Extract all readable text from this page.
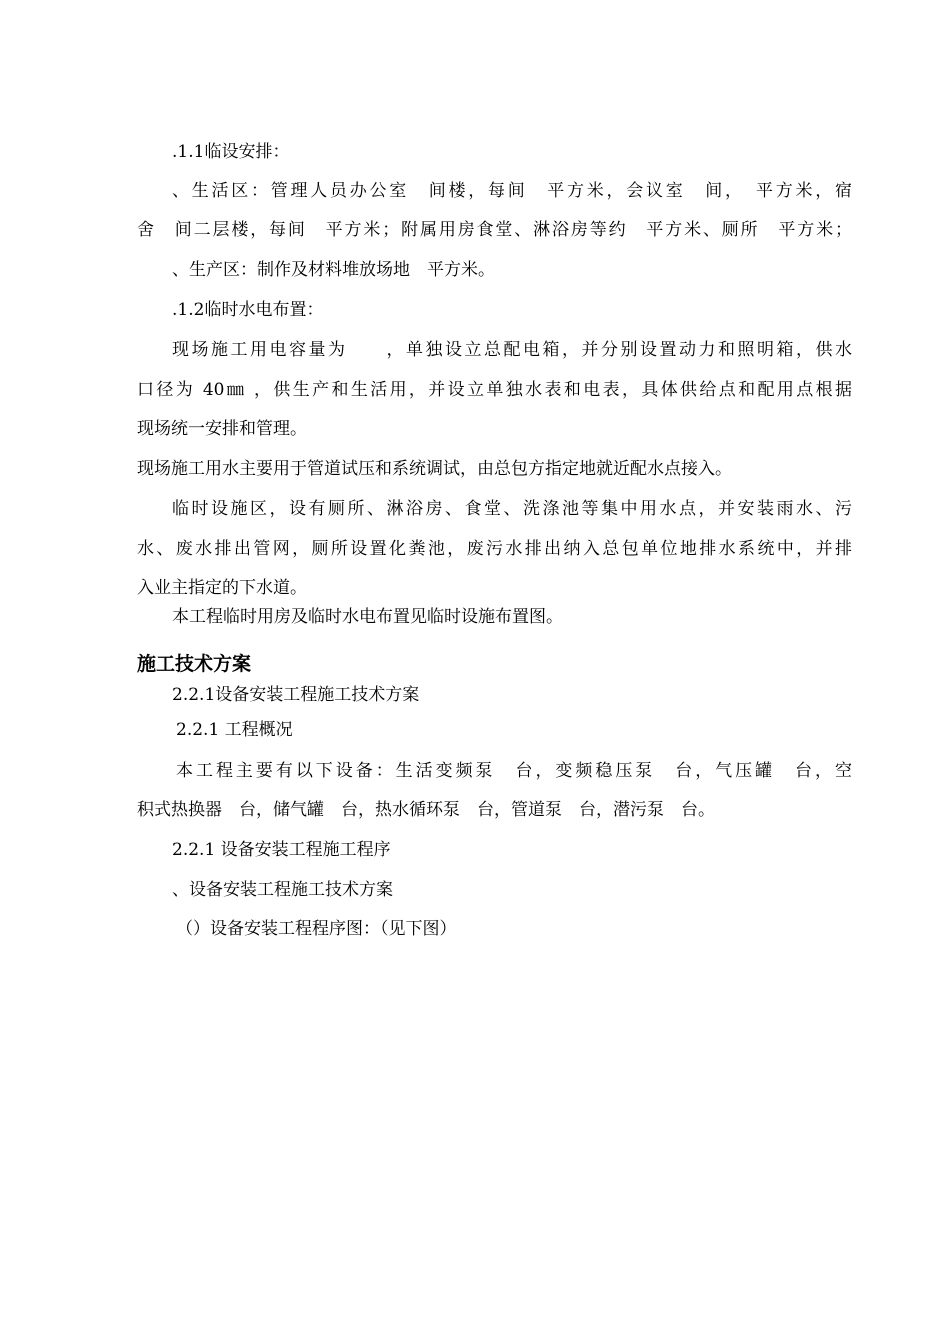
.1.1临设安排：
、生活区：管理人员办公室　间楼，每间　平方米，会议室　间，　平方米，宿
舍　间二层楼，每间　平方米；附属用房食堂、淋浴房等约　平方米、厕所　平方米；
、生产区：制作及材料堆放场地　平方米。
.1.2临时水电布置：
现场施工用电容量为　　，单独设立总配电箱，并分别设置动力和照明箱，供水
口径为 40㎜ ，供生产和生活用，并设立单独水表和电表，具体供给点和配用点根据
现场统一安排和管理。
现场施工用水主要用于管道试压和系统调试，由总包方指定地就近配水点接入。
临时设施区，设有厕所、淋浴房、食堂、洗涤池等集中用水点，并安装雨水、污
水、废水排出管网，厕所设置化粪池，废污水排出纳入总包单位地排水系统中，并排
入业主指定的下水道。
本工程临时用房及临时水电布置见临时设施布置图。
施工技术方案
2.2.1设备安装工程施工技术方案
2.2.1 工程概况
本工程主要有以下设备：生活变频泵　台，变频稳压泵　台，气压罐　台，空
积式热换器　台，储气罐　台，热水循环泵　台，管道泵　台，潜污泵　台。
2.2.1 设备安装工程施工程序
、设备安装工程施工技术方案
（）设备安装工程程序图：（见下图）
